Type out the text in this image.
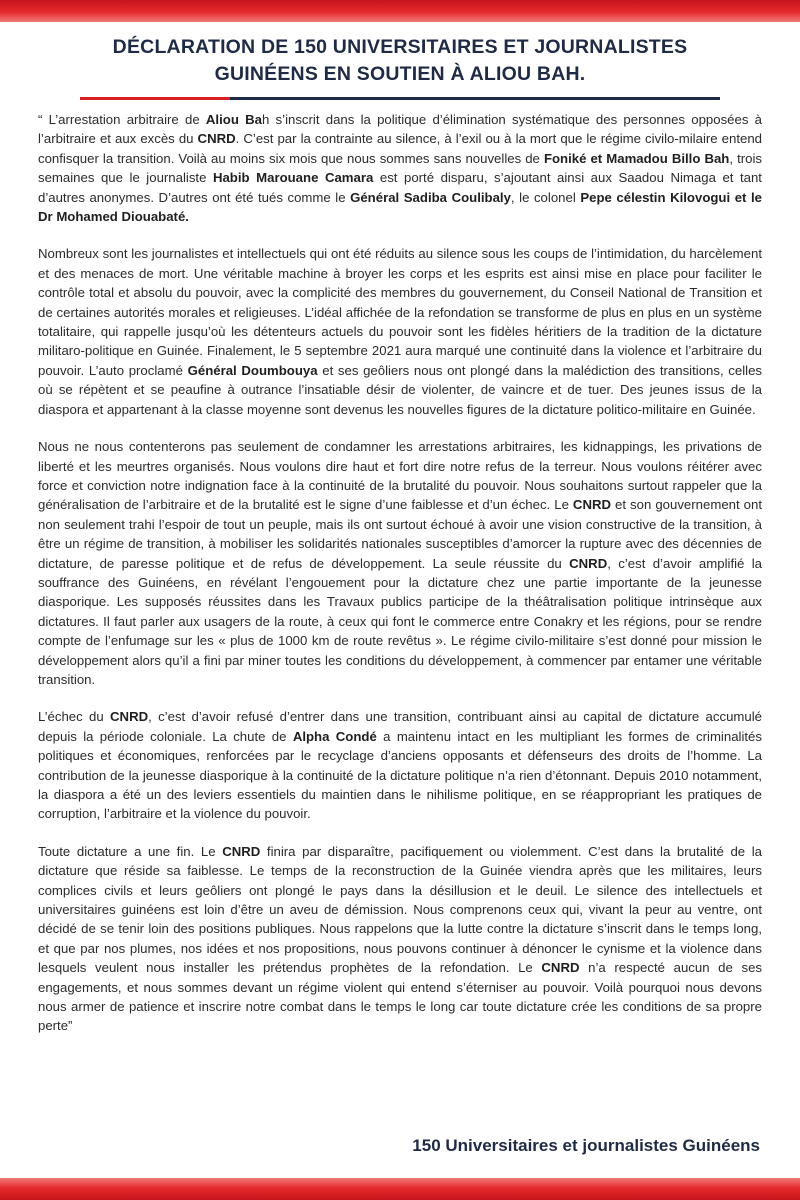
DÉCLARATION DE 150 UNIVERSITAIRES ET JOURNALISTES
GUINÉENS EN SOUTIEN À ALIOU BAH.

“ L’arrestation arbitraire de Aliou Bah s’inscrit dans la politique d’élimination systématique des personnes opposées à l’arbitraire et aux excès du CNRD. C’est par la contrainte au silence, à l’exil ou à la mort que le régime civilo-milaire entend confisquer la transition. Voilà au moins six mois que nous sommes sans nouvelles de Foniké et Mamadou Billo Bah, trois semaines que le journaliste Habib Marouane Camara est porté disparu, s’ajoutant ainsi aux Saadou Nimaga et tant d’autres anonymes. D’autres ont été tués comme le Général Sadiba Coulibaly, le colonel Pepe célestin Kilovogui et le Dr Mohamed Diouabaté.

Nombreux sont les journalistes et intellectuels qui ont été réduits au silence sous les coups de l’intimidation, du harcèlement et des menaces de mort. Une véritable machine à broyer les corps et les esprits est ainsi mise en place pour faciliter le contrôle total et absolu du pouvoir, avec la complicité des membres du gouvernement, du Conseil National de Transition et de certaines autorités morales et religieuses. L’idéal affichée de la refondation se transforme de plus en plus en un système totalitaire, qui rappelle jusqu’où les détenteurs actuels du pouvoir sont les fidèles héritiers de la tradition de la dictature militaro-politique en Guinée. Finalement, le 5 septembre 2021 aura marqué une continuité dans la violence et l’arbitraire du pouvoir. L’auto proclamé Général Doumbouya et ses geôliers nous ont plongé dans la malédiction des transitions, celles où se répètent et se peaufine à outrance l’insatiable désir de violenter, de vaincre et de tuer. Des jeunes issus de la diaspora et appartenant à la classe moyenne sont devenus les nouvelles figures de la dictature politico-militaire en Guinée.

Nous ne nous contenterons pas seulement de condamner les arrestations arbitraires, les kidnappings, les privations de liberté et les meurtres organisés. Nous voulons dire haut et fort dire notre refus de la terreur. Nous voulons réitérer avec force et conviction notre indignation face à la continuité de la brutalité du pouvoir. Nous souhaitons surtout rappeler que la généralisation de l’arbitraire et de la brutalité est le signe d’une faiblesse et d’un échec. Le CNRD et son gouvernement ont non seulement trahi l’espoir de tout un peuple, mais ils ont surtout échoué à avoir une vision constructive de la transition, à être un régime de transition, à mobiliser les solidarités nationales susceptibles d’amorcer la rupture avec des décennies de dictature, de paresse politique et de refus de développement. La seule réussite du CNRD, c’est d’avoir amplifié la souffrance des Guinéens, en révélant l’engouement pour la dictature chez une partie importante de la jeunesse diasporique. Les supposés réussites dans les Travaux publics participe de la théâtralisation politique intrinsèque aux dictatures. Il faut parler aux usagers de la route, à ceux qui font le commerce entre Conakry et les régions, pour se rendre compte de l’enfumage sur les « plus de 1000 km de route revêtus ». Le régime civilo-militaire s’est donné pour mission le développement alors qu’il a fini par miner toutes les conditions du développement, à commencer par entamer une véritable transition.

L’échec du CNRD, c’est d’avoir refusé d’entrer dans une transition, contribuant ainsi au capital de dictature accumulé depuis la période coloniale. La chute de Alpha Condé a maintenu intact en les multipliant les formes de criminalités politiques et économiques, renforcées par le recyclage d’anciens opposants et défenseurs des droits de l’homme. La contribution de la jeunesse diasporique à la continuité de la dictature politique n’a rien d’étonnant. Depuis 2010 notamment, la diaspora a été un des leviers essentiels du maintien dans le nihilisme politique, en se réappropriant les pratiques de corruption, l’arbitraire et la violence du pouvoir.

Toute dictature a une fin. Le CNRD finira par disparaître, pacifiquement ou violemment. C’est dans la brutalité de la dictature que réside sa faiblesse. Le temps de la reconstruction de la Guinée viendra après que les militaires, leurs complices civils et leurs geôliers ont plongé le pays dans la désillusion et le deuil. Le silence des intellectuels et universitaires guinéens est loin d’être un aveu de démission. Nous comprenons ceux qui, vivant la peur au ventre, ont décidé de se tenir loin des positions publiques. Nous rappelons que la lutte contre la dictature s’inscrit dans le temps long, et que par nos plumes, nos idées et nos propositions, nous pouvons continuer à dénoncer le cynisme et la violence dans lesquels veulent nous installer les prétendus prophètes de la refondation. Le CNRD n’a respecté aucun de ses engagements, et nous sommes devant un régime violent qui entend s’éterniser au pouvoir. Voilà pourquoi nous devons nous armer de patience et inscrire notre combat dans le temps le long car toute dictature crée les conditions de sa propre perte”

150 Universitaires et journalistes Guinéens
